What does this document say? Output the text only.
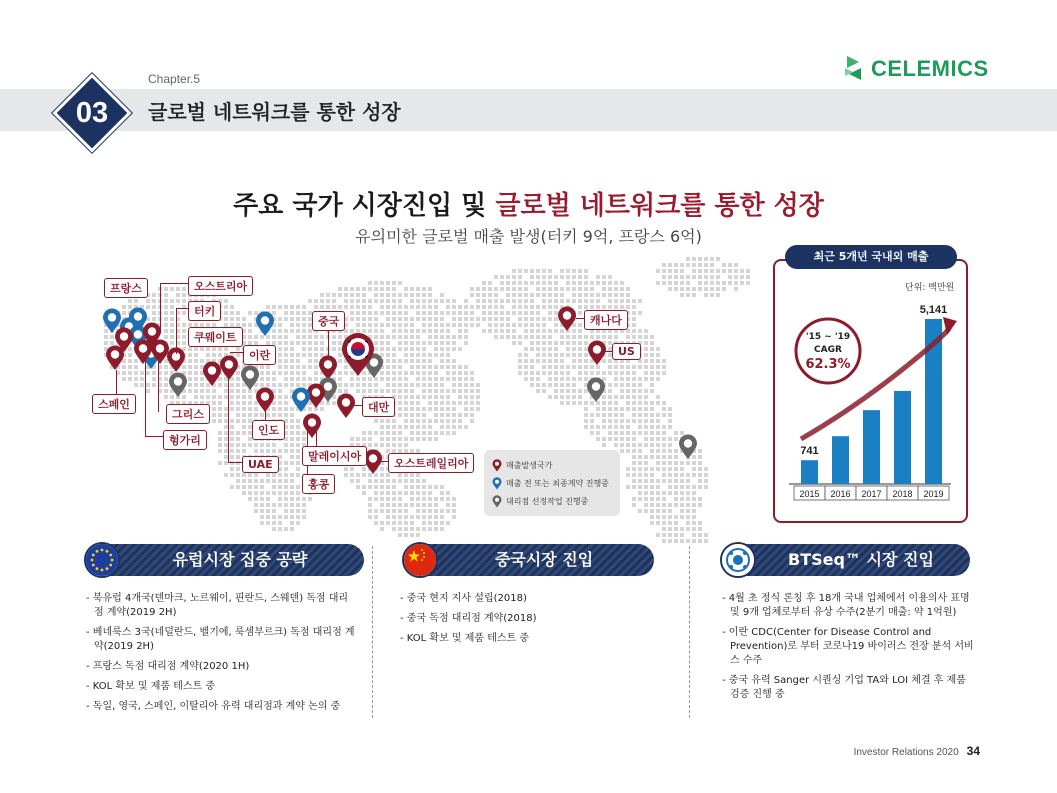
03
Chapter.5
글로벌 네트워크를 통한 성장
CELEMICS
주요 국가 시장진입 및 글로벌 네트워크를 통한 성장
유의미한 글로벌 매출 발생(터키 9억, 프랑스 6억)
프랑스	오스트리아
터키
쿠웨이트
이란
중국
스페인
그리스
헝가리
인도
UAE
대만
말레이시아
홍콩
오스트레일리아
캐나다
US
매출발생국가
매출 전 또는 최종계약 진행중
대리점 선정작업 진행중
최근 5개년 국내외 매출
단위: 백만원
2015
741
2016 2017 2018 2019
5,141
'15 ~ '19
CAGR
62.3%
유럽시장 집중 공략
- 북유럽 4개국(덴마크, 노르웨이, 핀란드, 스웨덴) 독점 대리점 계약(2019 2H)
- 베네룩스 3국(네덜란드, 벨기에, 룩셈부르크) 독점 대리점 계약(2019 2H)
- 프랑스 독점 대리점 계약(2020 1H)
- KOL 확보 및 제품 테스트 중
- 독일, 영국, 스페인, 이탈리아 유력 대리점과 계약 논의 중
중국시장 진입
- 중국 현지 지사 설립(2018)
- 중국 독점 대리점 계약(2018)
- KOL 확보 및 제품 테스트 중
BTSeq™ 시장 진입
- 4월 초 정식 론칭 후 18개 국내 업체에서 이용의사 표명 및 9개 업체로부터 유상 수주(2분기 매출: 약 1억원)
- 이란 CDC(Center for Disease Control and Prevention)로 부터 코로나19 바이러스 전장 분석 서비스 수주
- 중국 유력 Sanger 시퀀싱 기업 TA와 LOI 체결 후 제품 검증 진행 중
Investor Relations 2020 34
